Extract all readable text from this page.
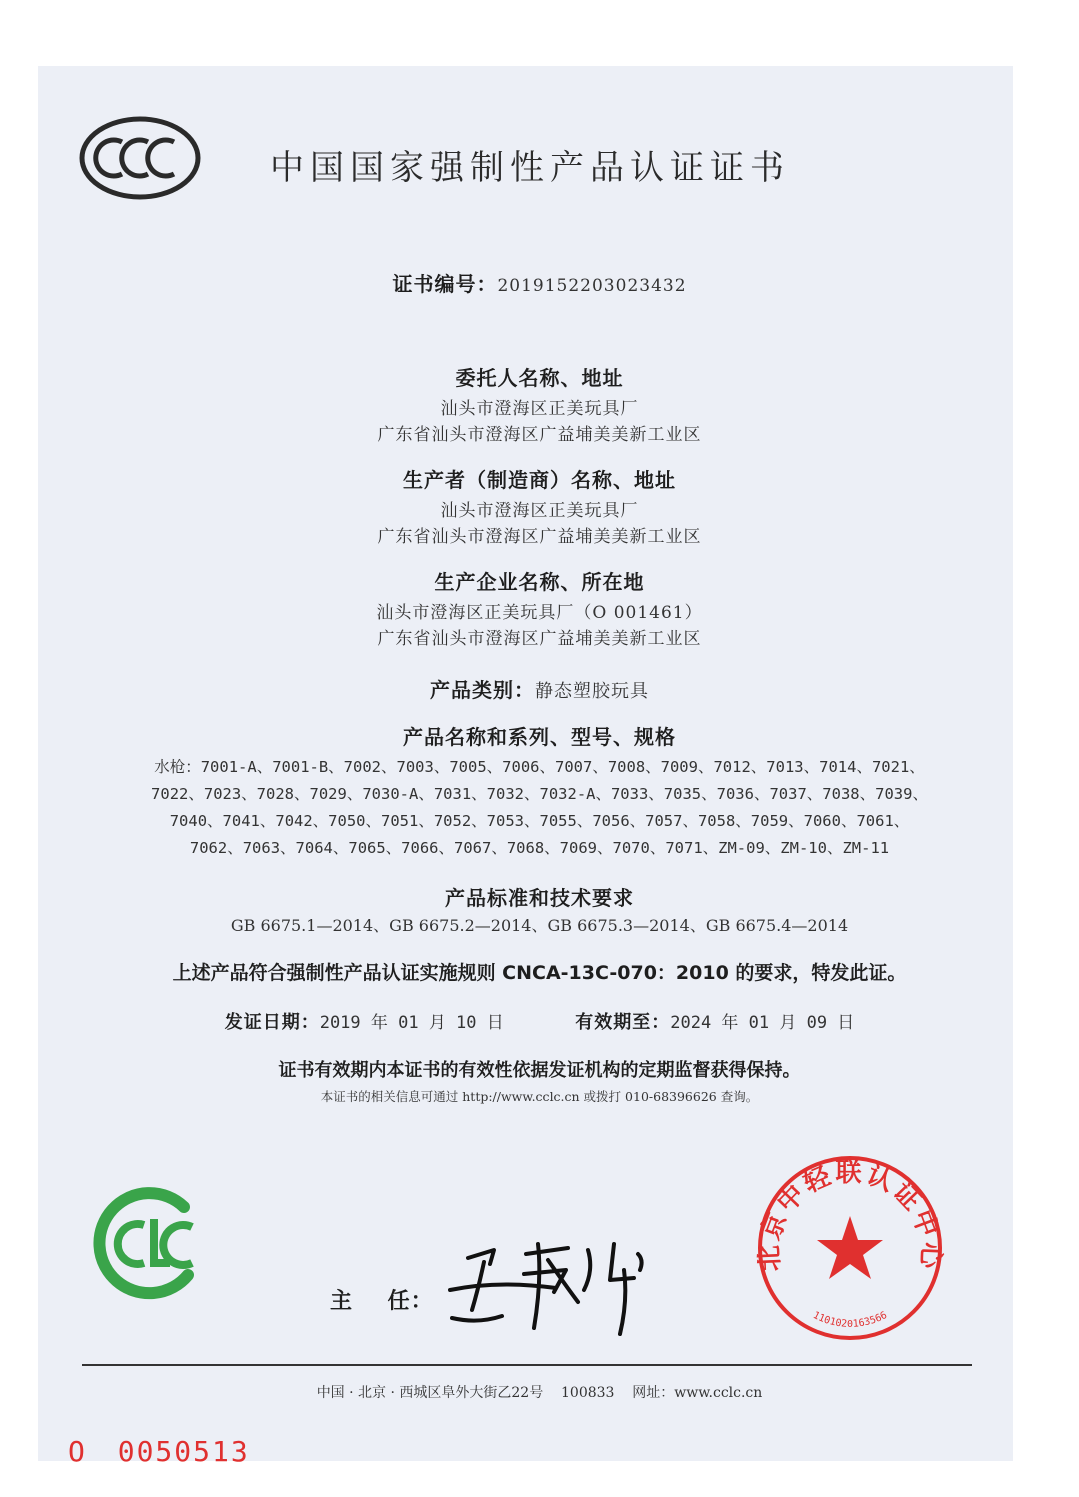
中国国家强制性产品认证证书
证书编号：2019152203023432
委托人名称、地址
汕头市澄海区正美玩具厂
广东省汕头市澄海区广益埔美美新工业区
生产者（制造商）名称、地址
汕头市澄海区正美玩具厂
广东省汕头市澄海区广益埔美美新工业区
生产企业名称、所在地
汕头市澄海区正美玩具厂（O 001461）
广东省汕头市澄海区广益埔美美新工业区
产品类别：静态塑胶玩具
产品名称和系列、型号、规格
水枪：7001-A、7001-B、7002、7003、7005、7006、7007、7008、7009、7012、7013、7014、7021、
7022、7023、7028、7029、7030-A、7031、7032、7032-A、7033、7035、7036、7037、7038、7039、
7040、7041、7042、7050、7051、7052、7053、7055、7056、7057、7058、7059、7060、7061、
7062、7063、7064、7065、7066、7067、7068、7069、7070、7071、ZM-09、ZM-10、ZM-11
产品标准和技术要求
GB 6675.1—2014、GB 6675.2—2014、GB 6675.3—2014、GB 6675.4—2014
上述产品符合强制性产品认证实施规则 CNCA-13C-070：2010 的要求，特发此证。
发证日期：2019 年 01 月 10 日	有效期至：2024 年 01 月 09 日
证书有效期内本证书的有效性依据发证机构的定期监督获得保持。
本证书的相关信息可通过 http://www.cclc.cn 或拨打 010-68396626 查询。
主    任：
北京中轻联认证中心
1101020163566
中国 · 北京 · 西城区阜外大街乙22号    100833    网址：www.cclc.cn
O 0050513
